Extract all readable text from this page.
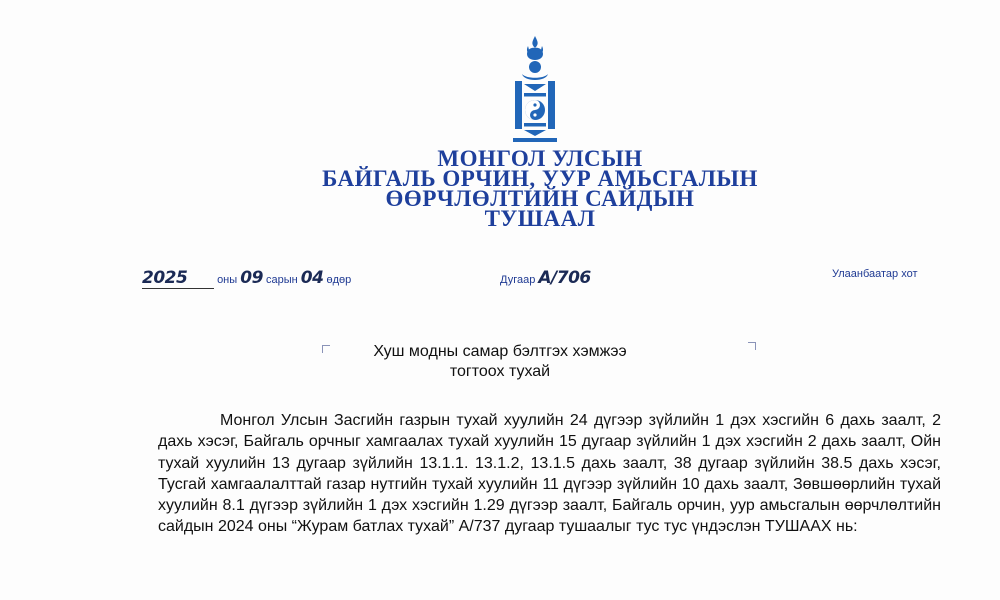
МОНГОЛ УЛСЫН
БАЙГАЛЬ ОРЧИН, УУР АМЬСГАЛЫН
ӨӨРЧЛӨЛТИЙН САЙДЫН
ТУШААЛ
2025	оны 09 сарын 04 өдөр	Дугаар А/706	Улаанбаатар хот
Хуш модны самар бэлтгэх хэмжээ
тогтоох тухай

Монгол Улсын Засгийн газрын тухай хуулийн 24 дүгээр зүйлийн 1 дэх хэсгийн 6 дахь заалт, 2 дахь хэсэг, Байгаль орчныг хамгаалах тухай хуулийн 15 дугаар зүйлийн 1 дэх хэсгийн 2 дахь заалт, Ойн тухай хуулийн 13 дугаар зүйлийн 13.1.1. 13.1.2, 13.1.5 дахь заалт, 38 дугаар зүйлийн 38.5 дахь хэсэг, Тусгай хамгаалалттай газар нутгийн тухай хуулийн 11 дүгээр зүйлийн 10 дахь заалт, Зөвшөөрлийн тухай хуулийн 8.1 дүгээр зүйлийн 1 дэх хэсгийн 1.29 дүгээр заалт, Байгаль орчин, уур амьсгалын өөрчлөлтийн сайдын 2024 оны “Журам батлах тухай” А/737 дугаар тушаалыг тус тус үндэслэн ТУШААХ нь:
